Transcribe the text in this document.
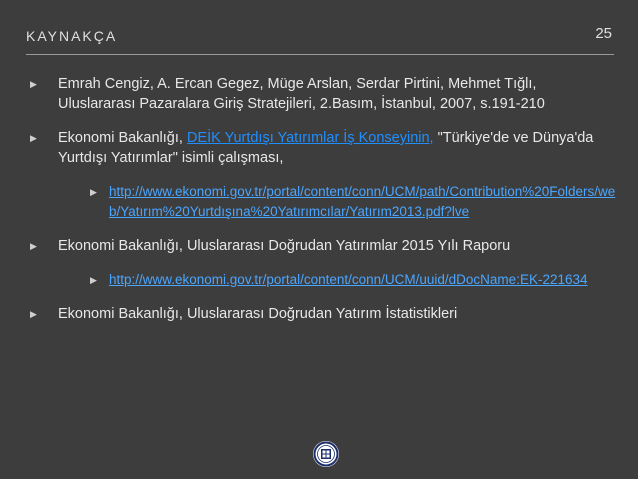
KAYNAKÇA	25
▶ Emrah Cengiz, A. Ercan Gegez, Müge Arslan, Serdar Pirtini, Mehmet Tığlı, Uluslararası Pazaralara Giriş Stratejileri, 2.Basım, İstanbul, 2007, s.191-210
▶ Ekonomi Bakanlığı, DEİK Yurtdışı Yatırımlar İş Konseyinin, "Türkiye'de ve Dünya'da Yurtdışı Yatırımlar" isimli çalışması,
▶ http://www.ekonomi.gov.tr/portal/content/conn/UCM/path/Contribution%20Folders/web/Yatırım%20Yurtdışına%20Yatırımcılar/Yatırım2013.pdf?lve
▶ Ekonomi Bakanlığı, Uluslararası Doğrudan Yatırımlar 2015 Yılı Raporu
▶ http://www.ekonomi.gov.tr/portal/content/conn/UCM/uuid/dDocName:EK-221634
▶ Ekonomi Bakanlığı, Uluslararası Doğrudan Yatırım İstatistikleri
